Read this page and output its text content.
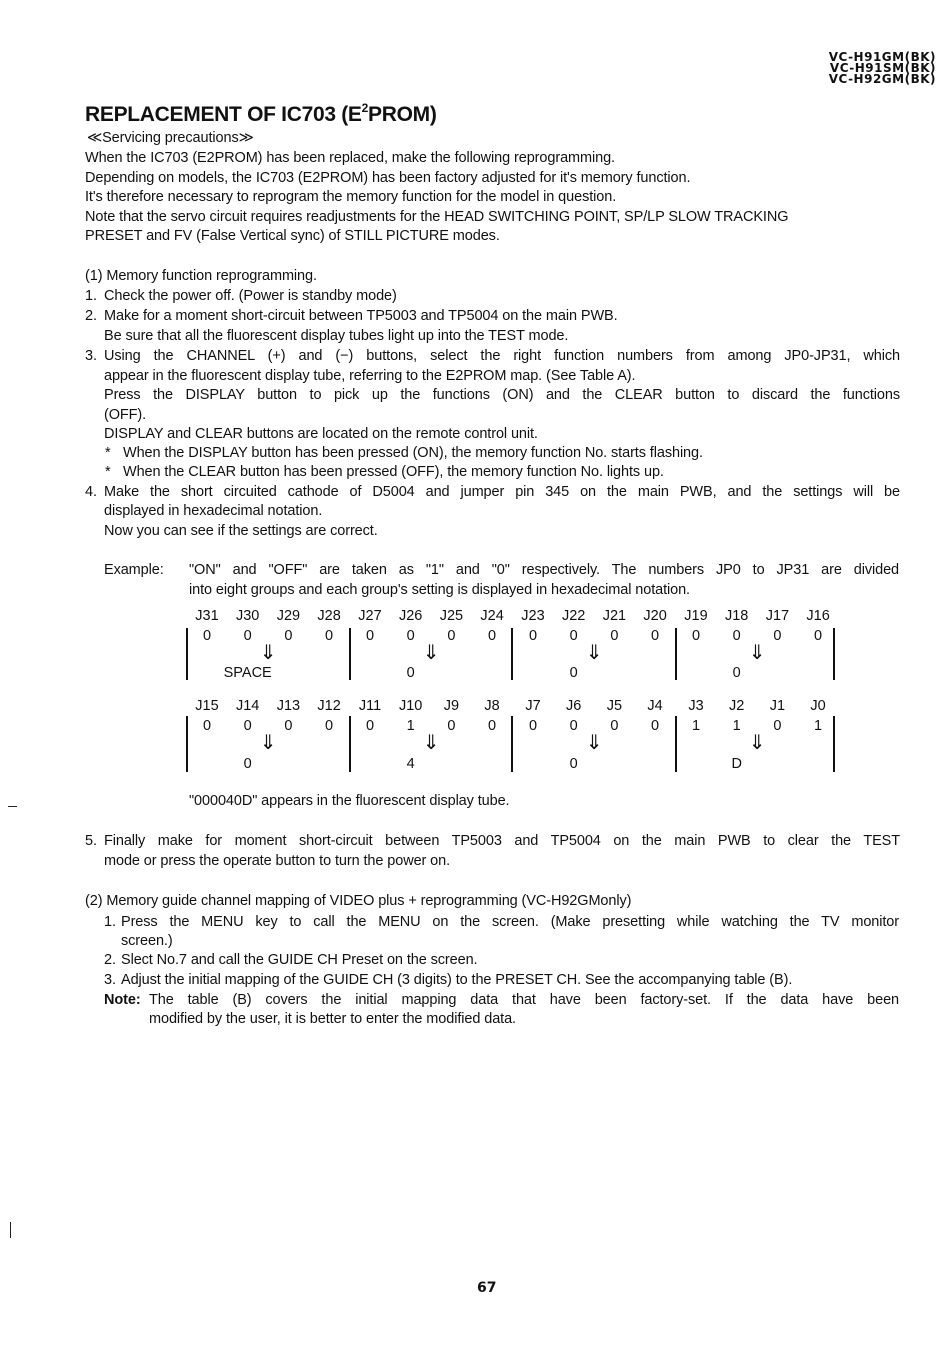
VC-H91GM(BK)
VC-H91SM(BK)
VC-H92GM(BK)
REPLACEMENT OF IC703 $(E^2PROM)$
≪Servicing precautions≫
When the IC703 (E2PROM) has been replaced, make the following reprogramming.
Depending on models, the IC703 (E2PROM) has been factory adjusted for it's memory function.
It's therefore necessary to reprogram the memory function for the model in question.
Note that the servo circuit requires readjustments for the HEAD SWITCHING POINT, SP/LP SLOW TRACKING
PRESET and FV (False Vertical sync) of STILL PICTURE modes.
(1) Memory function reprogramming.
1. Check the power off. (Power is standby mode)
2. Make for a moment short-circuit between TP5003 and TP5004 on the main PWB.
Be sure that all the fluorescent display tubes light up into the TEST mode.
3. Using the CHANNEL (+) and (−) buttons, select the right function numbers from among JP0-JP31, which
appear in the fluorescent display tube, referring to the E2PROM map. (See Table A).
Press the DISPLAY button to pick up the functions (ON) and the CLEAR button to discard the functions
(OFF).
DISPLAY and CLEAR buttons are located on the remote control unit.
* When the DISPLAY button has been pressed (ON), the memory function No. starts flashing.
* When the CLEAR button has been pressed (OFF), the memory function No. lights up.
4. Make the short circuited cathode of D5004 and jumper pin 345 on the main PWB, and the settings will be
displayed in hexadecimal notation.
Now you can see if the settings are correct.
Example: "ON" and "OFF" are taken as "1" and "0" respectively. The numbers JP0 to JP31 are divided
into eight groups and each group's setting is displayed in hexadecimal notation.
J31
0
J30
0
J29
0
J28
0
J27
0
J26
0
J25
0
J24
0
J23
0
J22
0
J21
0
J20
0
J19
0
J18
0
J17
0
J16
0
⇓
SPACE
⇓
0
⇓
0
⇓
0
J15
0
J14
0
J13
0
J12
0
J11
0
J10
1
J9
0
J8
0
J7
0
J6
0
J5
0
J4
0
J3
1
J2
1
J1
0
J0
1
⇓
0
⇓
4
⇓
0
⇓
D
"000040D" appears in the fluorescent display tube.
5. Finally make for moment short-circuit between TP5003 and TP5004 on the main PWB to clear the TEST
mode or press the operate button to turn the power on.
(2) Memory guide channel mapping of VIDEO plus + reprogramming (VC-H92GMonly)
1. Press the MENU key to call the MENU on the screen. (Make presetting while watching the TV monitor
screen.)
2. Slect No.7 and call the GUIDE CH Preset on the screen.
3. Adjust the initial mapping of the GUIDE CH (3 digits) to the PRESET CH. See the accompanying table (B).
Note: The table (B) covers the initial mapping data that have been factory-set. If the data have been
modified by the user, it is better to enter the modified data.
67
